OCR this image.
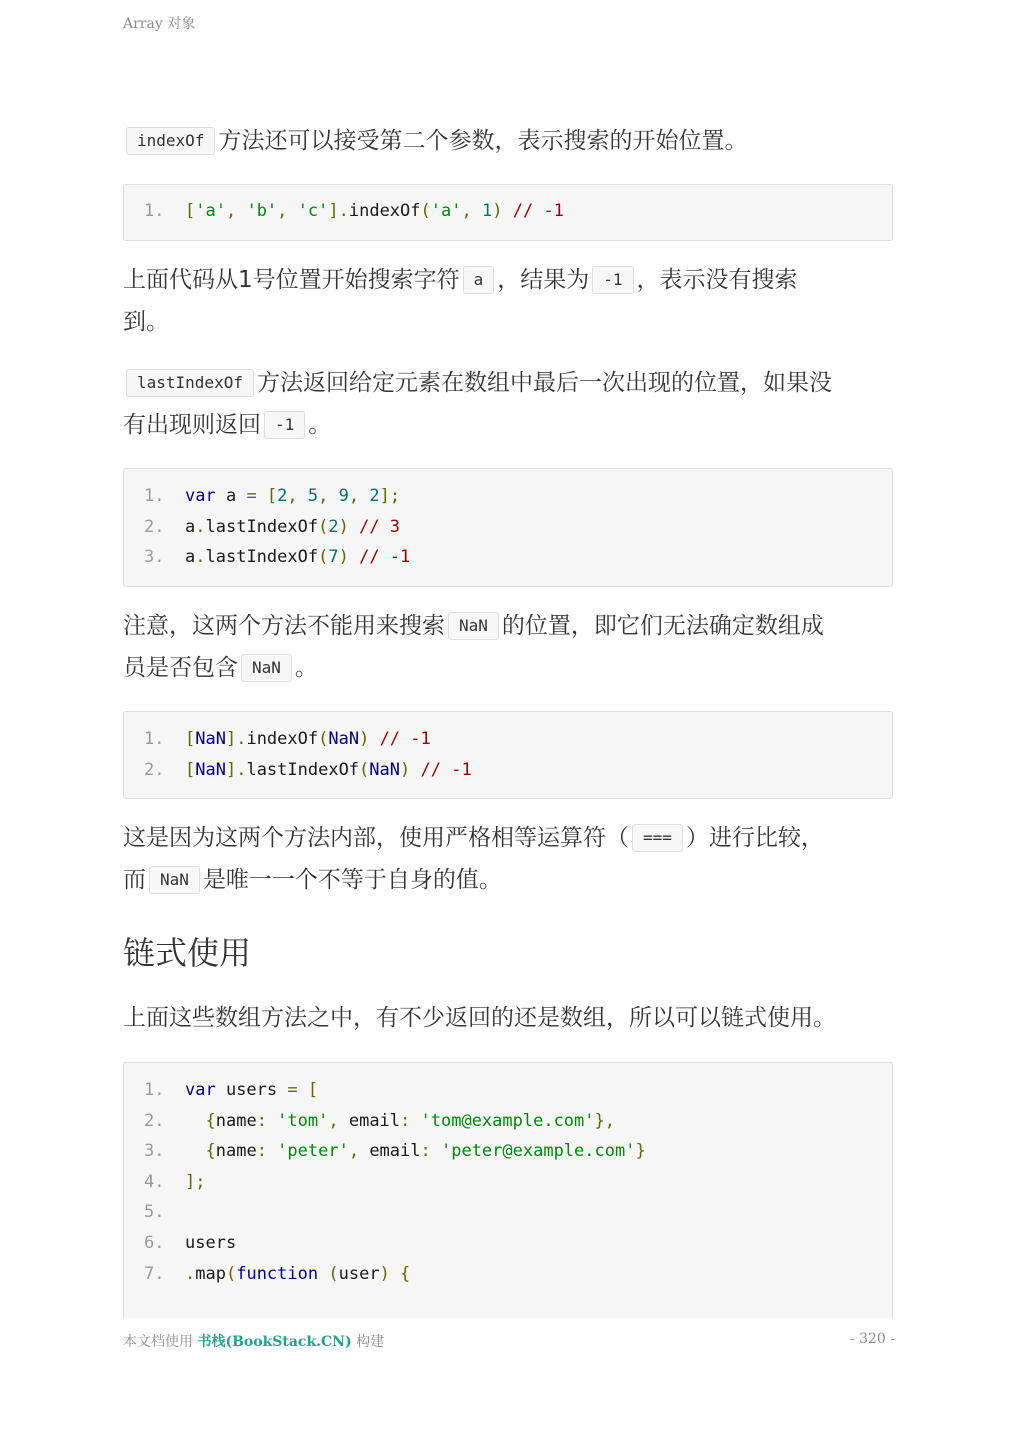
Array 对象
indexOf 方法还可以接受第二个参数，表示搜索的开始位置。
1.	['a', 'b', 'c'].indexOf('a', 1) // -1
上面代码从1号位置开始搜索字符 a ，结果为 -1 ，表示没有搜索
到。
lastIndexOf 方法返回给定元素在数组中最后一次出现的位置，如果没
有出现则返回 -1 。
1.	var a = [2, 5, 9, 2];
2.	a.lastIndexOf(2) // 3
3.	a.lastIndexOf(7) // -1
注意，这两个方法不能用来搜索 NaN 的位置，即它们无法确定数组成
员是否包含 NaN 。
1.	[NaN].indexOf(NaN) // -1
2.	[NaN].lastIndexOf(NaN) // -1
这是因为这两个方法内部，使用严格相等运算符（ === ）进行比较，
而 NaN 是唯一一个不等于自身的值。
链式使用
上面这些数组方法之中，有不少返回的还是数组，所以可以链式使用。
1.	var users = [
2.	{name: 'tom', email: 'tom@example.com'},
3.	{name: 'peter', email: 'peter@example.com'}
4.	];
5.
6.	users
7.	.map(function (user) {
本文档使用 书栈(BookStack.CN) 构建	- 320 -
